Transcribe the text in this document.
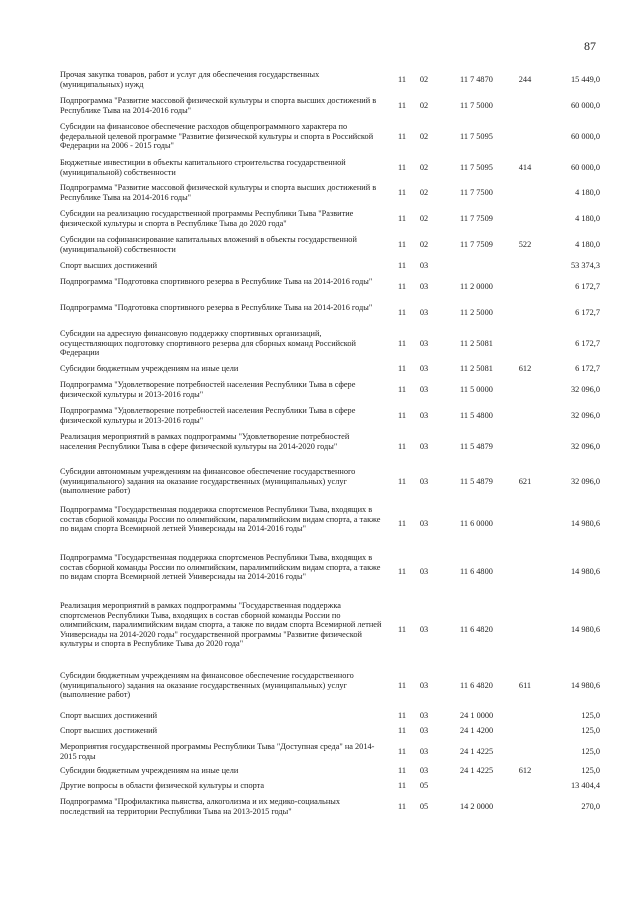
87
Прочая закупка товаров, работ и услуг для обеспечения государственных (муниципальных) нужд
11 02	11 7 4870	244	15 449,0
Подпрограмма "Развитие массовой физической культуры и спорта высших достижений в Республике Тыва на 2014-2016 годы"
11 02	11 7 5000	60 000,0
Субсидии на финансовое обеспечение расходов общепрограммного характера по федеральной целевой программе "Развитие физической культуры и спорта в Российской Федерации на 2006 - 2015 годы"
11 02	11 7 5095	60 000,0
Бюджетные инвестиции в объекты капитального строительства государственной (муниципальной) собственности
11 02	11 7 5095	414	60 000,0
Подпрограмма "Развитие массовой физической культуры и спорта высших достижений в Республике Тыва на 2014-2016 годы"
11 02	11 7 7500	4 180,0
Субсидии на реализацию государственной программы Республики Тыва "Развитие физической культуры и спорта в Республике Тыва до 2020 года"
11 02	11 7 7509	4 180,0
Субсидии на софинансирование капитальных вложений в объекты государственной (муниципальной) собственности
11 02	11 7 7509	522	4 180,0
Спорт высших достижений	11 03	53 374,3
Подпрограмма "Подготовка спортивного резерва в Республике Тыва на 2014-2016 годы"
11 03	11 2 0000	6 172,7
Подпрограмма "Подготовка спортивного резерва в Республике Тыва на 2014-2016 годы"
11 03	11 2 5000	6 172,7
Субсидии на адресную финансовую поддержку спортивных организаций, осуществляющих подготовку спортивного резерва для сборных команд Российской Федерации
11 03	11 2 5081	6 172,7
Субсидии бюджетным учреждениям на иные цели	11 03	11 2 5081	612	6 172,7
Подпрограмма "Удовлетворение потребностей населения Республики Тыва в сфере физической культуры и 2013-2016 годы"
11 03	11 5 0000	32 096,0
Подпрограмма "Удовлетворение потребностей населения Республики Тыва в сфере физической культуры и 2013-2016 годы"
11 03	11 5 4800	32 096,0
Реализация мероприятий в рамках подпрограммы "Удовлетворение потребностей населения Республики Тыва в сфере физической культуры на 2014-2020 годы"	11 03	11 5 4879	32 096,0
Субсидии автономным учреждениям на финансовое обеспечение государственного (муниципального) задания на оказание государственных (муниципальных) услуг (выполнение работ)
11 03	11 5 4879	621	32 096,0
Подпрограмма "Государственная поддержка спортсменов Республики Тыва, входящих в состав сборной команды России по олимпийским, паралимпийским видам спорта, а также по видам спорта Всемирной летней Универсиады на 2014-2016 годы"
11 03	11 6 0000	14 980,6
Подпрограмма "Государственная поддержка спортсменов Республики Тыва, входящих в состав сборной команды России по олимпийским, паралимпийским видам спорта, а также по видам спорта Всемирной летней Универсиады на 2014-2016 годы"
11 03	11 6 4800	14 980,6
Реализация мероприятий в рамках подпрограммы "Государственная поддержка спортсменов Республики Тыва, входящих в состав сборной команды России по олимпийским, паралимпийским видам спорта, а также по видам спорта Всемирной летней Универсиады на 2014-2020 годы" государственной программы "Развитие физической культуры и спорта в Республике Тыва до 2020 года"
11 03	11 6 4820	14 980,6
Субсидии бюджетным учреждениям на финансовое обеспечение государственного (муниципального) задания на оказание государственных (муниципальных) услуг (выполнение работ)
11 03	11 6 4820	611	14 980,6
Спорт высших достижений	11 03	24 1 0000	125,0
Спорт высших достижений	11 03	24 1 4200	125,0
Мероприятия государственной программы Республики Тыва "Доступная среда" на 2014-2015 годы
11 03	24 1 4225	125,0
Субсидии бюджетным учреждениям на иные цели	11 03	24 1 4225	612	125,0
Другие вопросы в области физической культуры и спорта	11 05	13 404,4
Подпрограмма "Профилактика пьянства, алкоголизма и их медико-социальных последствий на территории Республики Тыва на 2013-2015 годы"
11 05	14 2 0000	270,0
